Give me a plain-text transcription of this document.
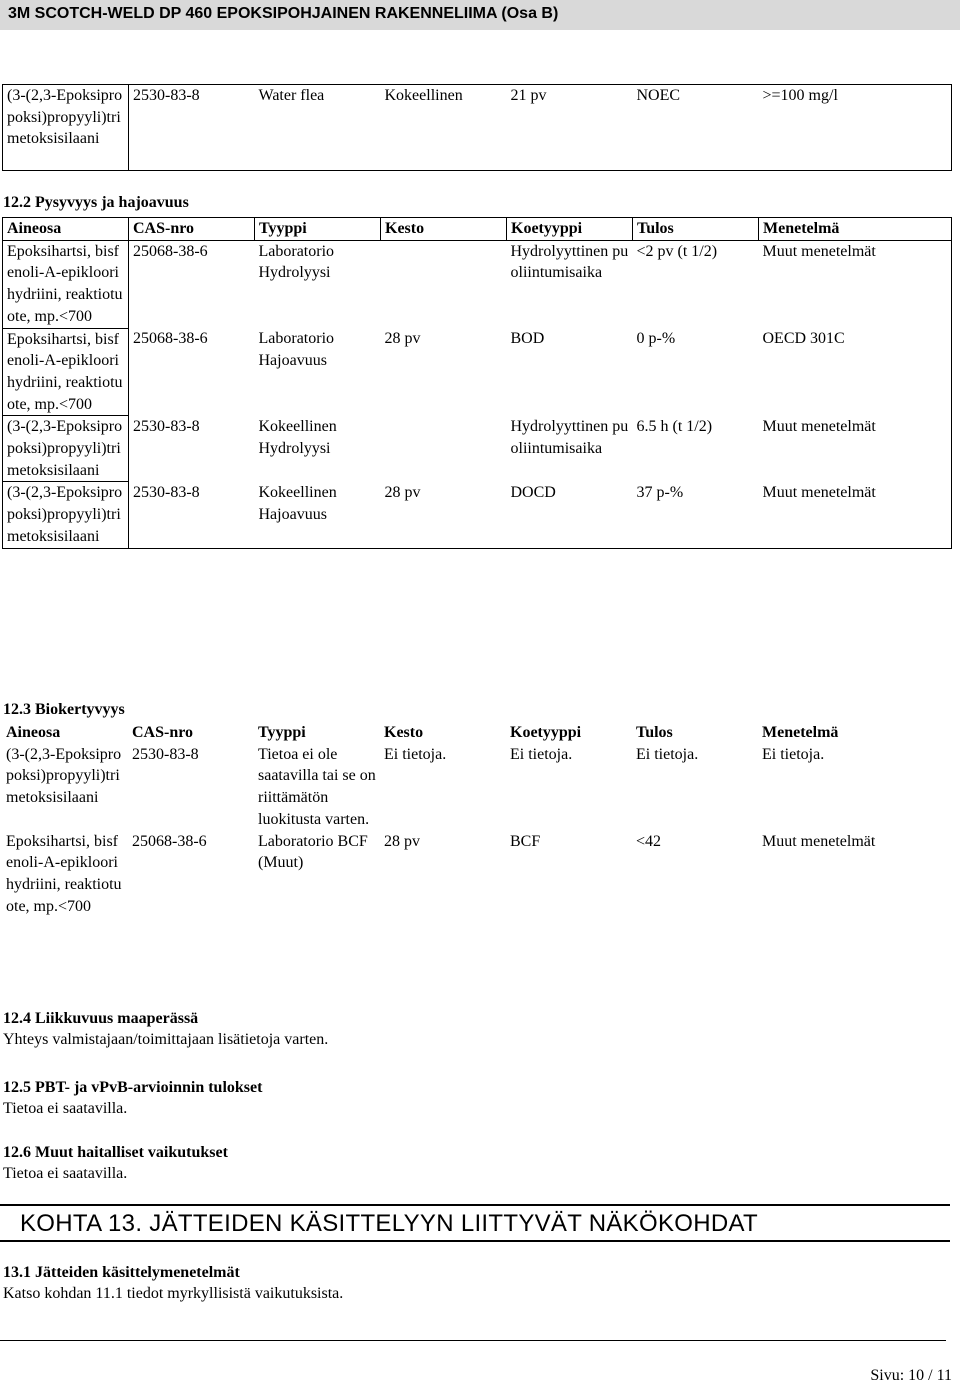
3M SCOTCH-WELD DP 460 EPOKSIPOHJAINEN RAKENNELIIMA (Osa B)
(3-(2,3-Epoksipropoksi)propyyli)trimetoksisilaani	2530-83-8	Water flea	Kokeellinen	21 pv	NOEC	>=100 mg/l
12.2 Pysyvyys ja hajoavuus
Aineosa	CAS-nro	Tyyppi	Kesto	Koetyyppi	Tulos	Menetelmä
Epoksihartsi, bisfenoli-A-epikloorihydriini, reaktiotuote, mp.<700	25068-38-6	Laboratorio Hydrolyysi		Hydrolyyttinen puoliintumisaika	<2 pv (t 1/2)	Muut menetelmät
Epoksihartsi, bisfenoli-A-epikloorihydriini, reaktiotuote, mp.<700	25068-38-6	Laboratorio Hajoavuus	28 pv	BOD	0 p-%	OECD 301C
(3-(2,3-Epoksipropoksi)propyyli)trimetoksisilaani	2530-83-8	Kokeellinen Hydrolyysi		Hydrolyyttinen puoliintumisaika	6.5 h (t 1/2)	Muut menetelmät
(3-(2,3-Epoksipropoksi)propyyli)trimetoksisilaani	2530-83-8	Kokeellinen Hajoavuus	28 pv	DOCD	37 p-%	Muut menetelmät
12.3 Biokertyvyys
Aineosa	CAS-nro	Tyyppi	Kesto	Koetyyppi	Tulos	Menetelmä
(3-(2,3-Epoksipropoksi)propyyli)trimetoksisilaani	2530-83-8	Tietoa ei ole saatavilla tai se on riittämätön luokitusta varten.	Ei tietoja.	Ei tietoja.	Ei tietoja.	Ei tietoja.
Epoksihartsi, bisfenoli-A-epikloorihydriini, reaktiotuote, mp.<700	25068-38-6	Laboratorio BCF (Muut)	28 pv	BCF	<42	Muut menetelmät
12.4 Liikkuvuus maaperässä
Yhteys valmistajaan/toimittajaan lisätietoja varten.
12.5 PBT- ja vPvB-arvioinnin tulokset
Tietoa ei saatavilla.
12.6 Muut haitalliset vaikutukset
Tietoa ei saatavilla.
KOHTA 13. JÄTTEIDEN KÄSITTELYYN LIITTYVÄT NÄKÖKOHDAT
13.1 Jätteiden käsittelymenetelmät
Katso kohdan 11.1 tiedot myrkyllisistä vaikutuksista.
Sivu: 10 / 11
